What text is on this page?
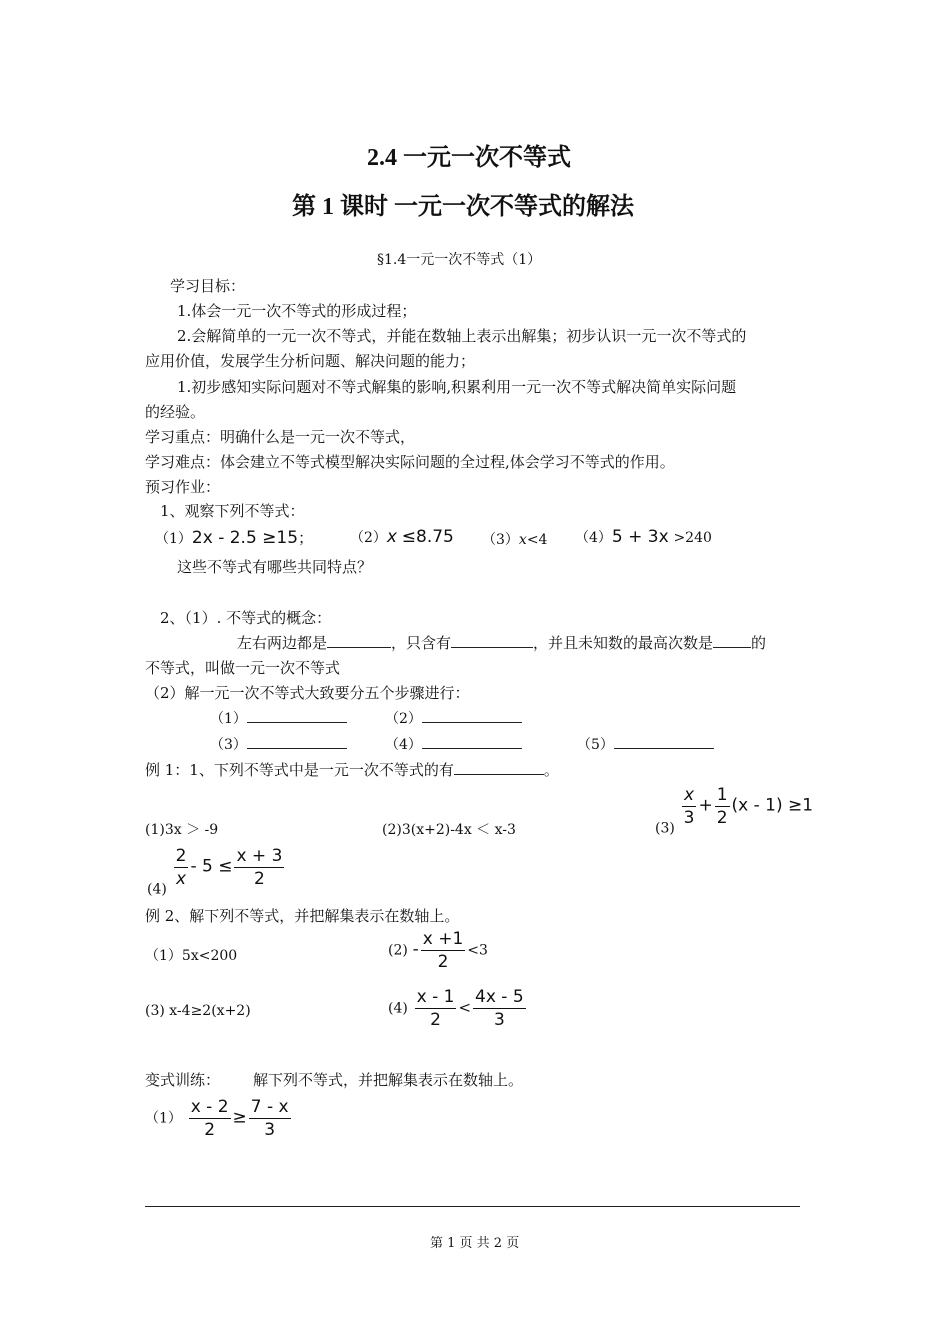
2.4 一元一次不等式
第 1 课时 一元一次不等式的解法
§1.4一元一次不等式（1）
学习目标：
1.体会一元一次不等式的形成过程；
2.会解简单的一元一次不等式，并能在数轴上表示出解集；初步认识一元一次不等式的
应用价值，发展学生分析问题、解决问题的能力；
1.初步感知实际问题对不等式解集的影响,积累利用一元一次不等式解决简单实际问题
的经验。
学习重点：明确什么是一元一次不等式，
学习难点：体会建立不等式模型解决实际问题的全过程,体会学习不等式的作用。
预习作业：
1、观察下列不等式：
（1）2x - 2.5 ≥15；	（2）x ≤8.75 （3）x<4 （4）5 + 3x >240
这些不等式有哪些共同特点？
2、（1）. 不等式的概念：
左右两边都是	，只含有	，并且未知数的最高次数是	的
不等式，叫做一元一次不等式
（2）解一元一次不等式大致要分五个步骤进行：
（1）	（2）
（3）	（4）	（5）
例 1：1、下列不等式中是一元一次不等式的有	。
(1)3x ＞ -9	(2)3(x+2)-4x ＜ x-3	$(3) \frac{x}{3} + \frac{1}{2} (x - 1) \ge 1$
$(4) \frac{2}{x} - 5 \le \frac{x + 3}{2}$
例 2、解下列不等式，并把解集表示在数轴上。
（1）5x<200	$(2) - \frac{x +1}{2} <3$
(3) x-4≥2(x+2)	$(4) \frac{x - 1}{2} < \frac{4x - 5}{3}$
变式训练： 解下列不等式，并把解集表示在数轴上。
$(1) \frac{x - 2}{2} \ge \frac{7 - x}{3}$
第 1 页 共 2 页
